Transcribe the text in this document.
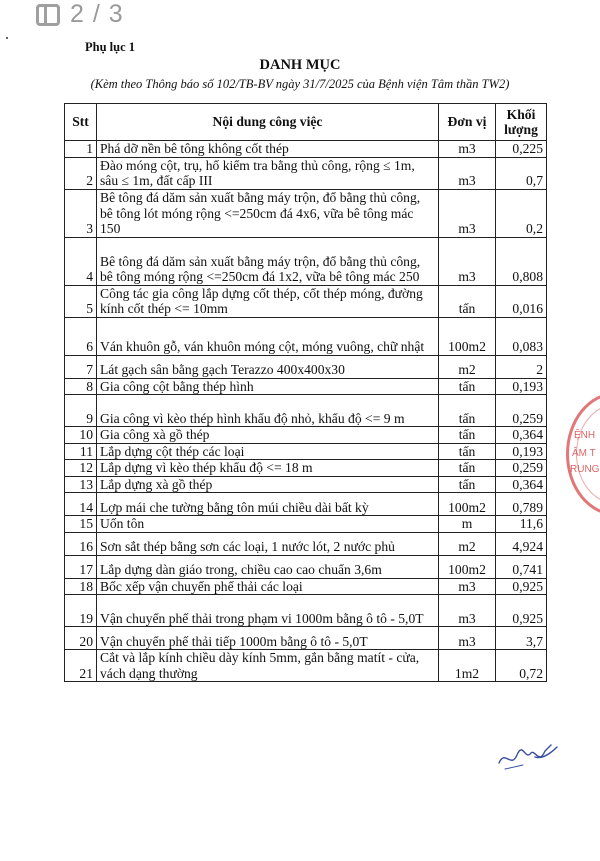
2 / 3
Phụ lục 1
DANH MỤC
(Kèm theo Thông báo số 102/TB-BV ngày 31/7/2025 của Bệnh viện Tâm thần TW2)
Stt	Nội dung công việc	Đơn vị	Khối lượng
1	Phá dỡ nền bê tông không cốt thép	m3	0,225
2	Đào móng cột, trụ, hố kiểm tra bằng thủ công, rộng ≤ 1m, sâu ≤ 1m, đất cấp III	m3	0,7
3	Bê tông đá dăm sản xuất bằng máy trộn, đổ bằng thủ công, bê tông lót móng rộng <=250cm đá 4x6, vữa bê tông mác 150	m3	0,2
4	Bê tông đá dăm sản xuất bằng máy trộn, đổ bằng thủ công, bê tông móng rộng <=250cm đá 1x2, vữa bê tông mác 250	m3	0,808
5	Công tác gia công lắp dựng cốt thép, cốt thép móng, đường kính cốt thép <= 10mm	tấn	0,016
6	Ván khuôn gỗ, ván khuôn móng cột, móng vuông, chữ nhật	100m2	0,083
7	Lát gạch sân bằng gạch Terazzo 400x400x30	m2	2
8	Gia công cột bằng thép hình	tấn	0,193
9	Gia công vì kèo thép hình khẩu độ nhỏ, khẩu độ <= 9 m	tấn	0,259
10	Gia công xà gồ thép	tấn	0,364
11	Lắp dựng cột thép các loại	tấn	0,193
12	Lắp dựng vì kèo thép khẩu độ <= 18 m	tấn	0,259
13	Lắp dựng xà gồ thép	tấn	0,364
14	Lợp mái che tường bằng tôn múi chiều dài bất kỳ	100m2	0,789
15	Uốn tôn	m	11,6
16	Sơn sắt thép bằng sơn các loại, 1 nước lót, 2 nước phủ	m2	4,924
17	Lắp dựng dàn giáo trong, chiều cao cao chuẩn 3,6m	100m2	0,741
18	Bốc xếp vận chuyển phế thải các loại	m3	0,925
19	Vận chuyển phế thải trong phạm vi 1000m bằng ô tô - 5,0T	m3	0,925
20	Vận chuyển phế thải tiếp 1000m bằng ô tô - 5,0T	m3	3,7
21	Cắt và lắp kính chiều dày kính 5mm, gắn bằng matít - cửa, vách dạng thường	1m2	0,72
ỆNH
ÂM T
RUNG
